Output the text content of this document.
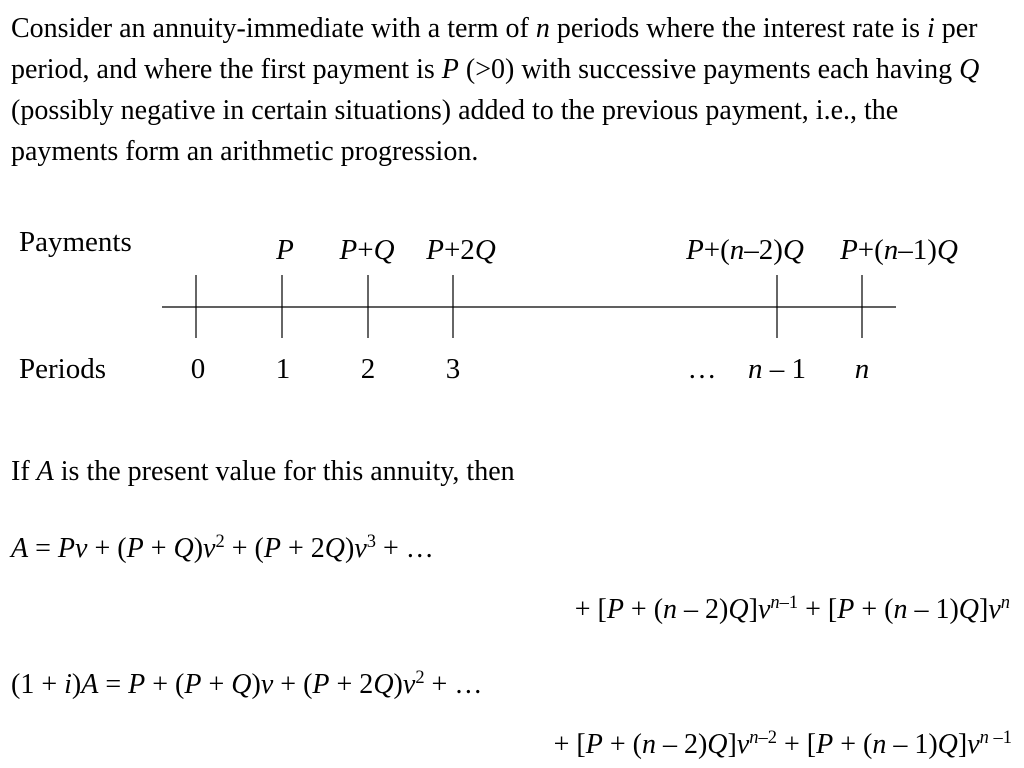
Consider an annuity-immediate with a term of n periods where the interest rate is i per period, and where the first payment is P (>0) with successive payments each having Q (possibly negative in certain situations) added to the previous payment, i.e., the payments form an arithmetic progression.

Payments	P P+Q P+2Q	P+(n–2)Q P+(n–1)Q
Periods	0 1 2 3	… n – 1 n
If A is the present value for this annuity, then
$A = Pv + (P + Q)v^2 + (P + 2Q)v^3$ + …
+ $[P + (n - 2)Q]v^{n-1} + [P + (n - 1)Q]v^n$
$(1 + i)A = P + (P + Q)v + (P + 2Q)v^2$ + …
+ $[P + (n - 2)Q]v^{n-2} + [P + (n - 1)Q]v^{n -1}$
